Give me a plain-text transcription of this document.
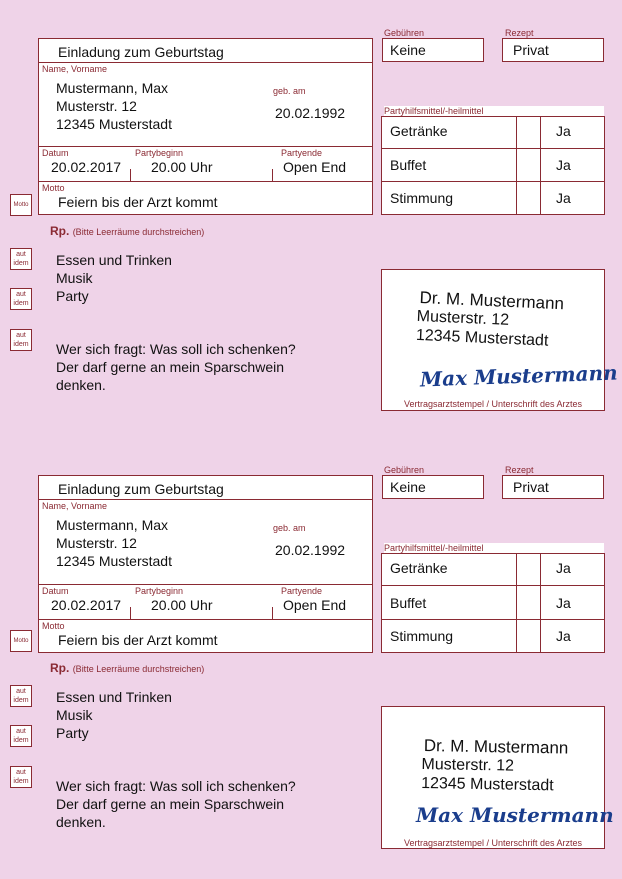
Gebühren
Keine
Rezept
Privat
Einladung zum Geburtstag
Name, Vorname
Mustermann, Max
Musterstr. 12
12345 Musterstadt
geb. am
20.02.1992
Datum
20.02.2017
Partybeginn
20.00 Uhr
Partyende
Open End
Motto
Feiern bis der Arzt kommt
Motto
Partyhilfsmittel/-heilmittel
Getränke	Ja
Buffet	Ja
Stimmung	Ja
Rp. (Bitte Leerräume durchstreichen)
aut
idem
aut
idem
aut
idem
Essen und Trinken
Musik
Party
Wer sich fragt: Was soll ich schenken?
Der darf gerne an mein Sparschwein
denken.
Dr. M. Mustermann
Musterstr. 12
12345 Musterstadt
Max Mustermann
Vertragsarztstempel / Unterschrift des Arztes
Gebühren
Keine
Rezept
Privat
Einladung zum Geburtstag
Name, Vorname
Mustermann, Max
Musterstr. 12
12345 Musterstadt
geb. am
20.02.1992
Datum
20.02.2017
Partybeginn
20.00 Uhr
Partyende
Open End
Motto
Feiern bis der Arzt kommt
Motto
Partyhilfsmittel/-heilmittel
Getränke	Ja
Buffet	Ja
Stimmung	Ja
Rp. (Bitte Leerräume durchstreichen)
aut
idem
aut
idem
aut
idem
Essen und Trinken
Musik
Party
Wer sich fragt: Was soll ich schenken?
Der darf gerne an mein Sparschwein
denken.
Dr. M. Mustermann
Musterstr. 12
12345 Musterstadt
Max Mustermann
Vertragsarztstempel / Unterschrift des Arztes
